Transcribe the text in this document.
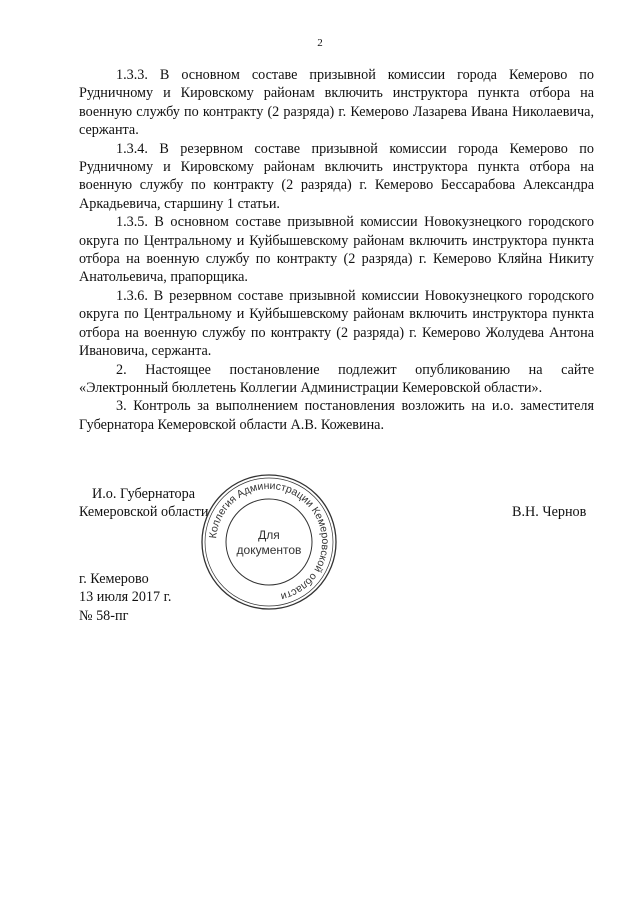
2

1.3.3. В основном составе призывной комиссии города Кемерово по Рудничному и Кировскому районам включить инструктора пункта отбора на военную службу по контракту (2 разряда) г. Кемерово Лазарева Ивана Николаевича, сержанта.

1.3.4. В резервном составе призывной комиссии города Кемерово по Рудничному и Кировскому районам включить инструктора пункта отбора на военную службу по контракту (2 разряда) г. Кемерово Бессарабова Александра Аркадьевича, старшину 1 статьи.

1.3.5. В основном составе призывной комиссии Новокузнецкого городского округа по Центральному и Куйбышевскому районам включить инструктора пункта отбора на военную службу по контракту (2 разряда) г. Кемерово Кляйна Никиту Анатольевича, прапорщика.

1.3.6. В резервном составе призывной комиссии Новокузнецкого городского округа по Центральному и Куйбышевскому районам включить инструктора пункта отбора на военную службу по контракту (2 разряда) г. Кемерово Жолудева Антона Ивановича, сержанта.

2. Настоящее постановление подлежит опубликованию на сайте «Электронный бюллетень Коллегии Администрации Кемеровской области».

3. Контроль за выполнением постановления возложить на и.о. заместителя Губернатора Кемеровской области А.В. Кожевина.

И.о. Губернатора
Кемеровской области	В.Н. Чернов
Коллегия Администрации Кемеровской области
Для
документов
г. Кемерово
13 июля 2017 г.
№ 58-пг
